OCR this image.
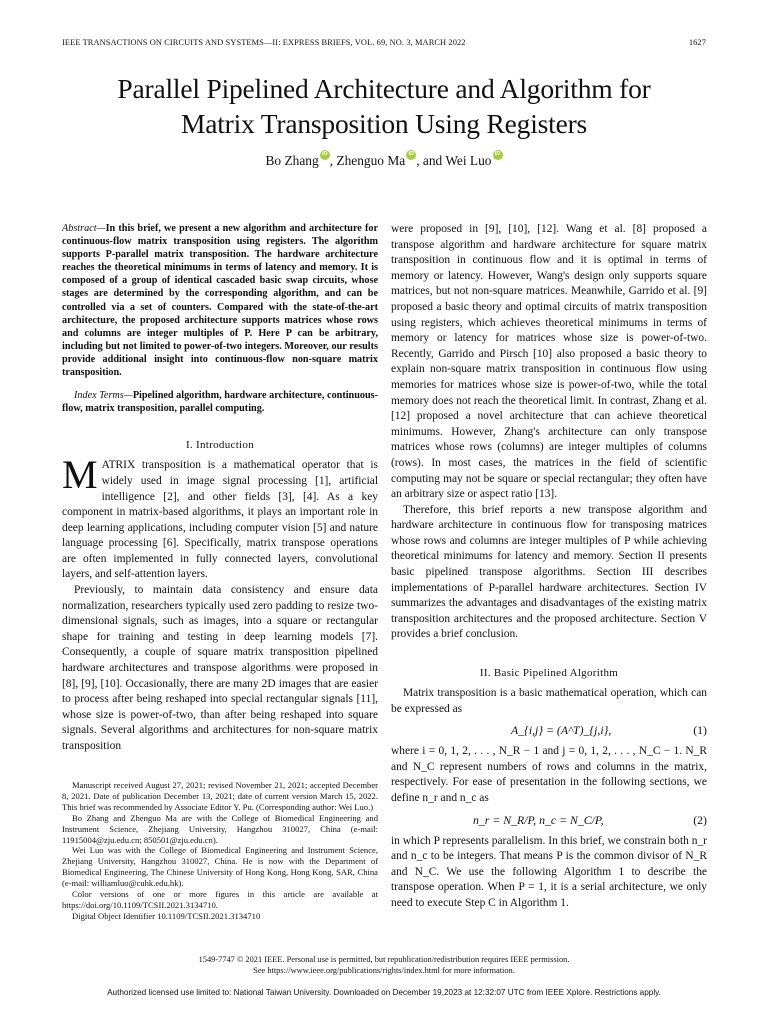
IEEE TRANSACTIONS ON CIRCUITS AND SYSTEMS—II: EXPRESS BRIEFS, VOL. 69, NO. 3, MARCH 2022	1627
Parallel Pipelined Architecture and Algorithm for
Matrix Transposition Using Registers
Bo Zhang iD , Zhenguo Ma iD , and Wei LuoiD

Abstract—In this brief, we present a new algorithm and architecture for continuous-flow matrix transposition using registers. The algorithm supports P-parallel matrix transposition. The hardware architecture reaches the theoretical minimums in terms of latency and memory. It is composed of a group of identical cascaded basic swap circuits, whose stages are determined by the corresponding algorithm, and can be controlled via a set of counters. Compared with the state-of-the-art architecture, the proposed architecture supports matrices whose rows and columns are integer multiples of P. Here P can be arbitrary, including but not limited to power-of-two integers. Moreover, our results provide additional insight into continuous-flow non-square matrix transposition.

Index Terms—Pipelined algorithm, hardware architecture, continuous-flow, matrix transposition, parallel computing.

I. Introduction
M ATRIX transposition is a mathematical operator that is widely used in image signal processing [1], artificial intelligence [2], and other fields [3], [4]. As a key component in matrix-based algorithms, it plays an important role in deep learning applications, including computer vision [5] and nature language processing [6]. Specifically, matrix transpose operations are often implemented in fully connected layers, convolutional layers, and self-attention layers.

Previously, to maintain data consistency and ensure data normalization, researchers typically used zero padding to resize two-dimensional signals, such as images, into a square or rectangular shape for training and testing in deep learning models [7]. Consequently, a couple of square matrix transposition pipelined hardware architectures and transpose algorithms were proposed in [8], [9], [10]. Occasionally, there are many 2D images that are easier to process after being reshaped into special rectangular signals [11], whose size is power-of-two, than after being reshaped into square signals. Several algorithms and architectures for non-square matrix transposition

Manuscript received August 27, 2021; revised November 21, 2021; accepted December 8, 2021. Date of publication December 13, 2021; date of current version March 15, 2022. This brief was recommended by Associate Editor Y. Pu. (Corresponding author: Wei Luo.)

Bo Zhang and Zhenguo Ma are with the College of Biomedical Engineering and Instrument Science, Zhejiang University, Hangzhou 310027, China (e-mail: 11915004@zju.edu.cn; 850501@zju.edu.cn).

Wei Luo was with the College of Biomedical Engineering and Instrument Science, Zhejiang University, Hangzhou 310027, China. He is now with the Department of Biomedical Engineering, The Chinese University of Hong Kong, Hong Kong, SAR, China (e-mail: williamluo@cuhk.edu.hk).

Color versions of one or more figures in this article are available at https://doi.org/10.1109/TCSII.2021.3134710.

Digital Object Identifier 10.1109/TCSII.2021.3134710

were proposed in [9], [10], [12]. Wang et al. [8] proposed a transpose algorithm and hardware architecture for square matrix transposition in continuous flow and it is optimal in terms of memory or latency. However, Wang's design only supports square matrices, but not non-square matrices. Meanwhile, Garrido et al. [9] proposed a basic theory and optimal circuits of matrix transposition using registers, which achieves theoretical minimums in terms of memory or latency for matrices whose size is power-of-two. Recently, Garrido and Pirsch [10] also proposed a basic theory to explain non-square matrix transposition in continuous flow using memories for matrices whose size is power-of-two, while the total memory does not reach the theoretical limit. In contrast, Zhang et al. [12] proposed a novel architecture that can achieve theoretical minimums. However, Zhang's architecture can only transpose matrices whose rows (columns) are integer multiples of columns (rows). In most cases, the matrices in the field of scientific computing may not be square or special rectangular; they often have an arbitrary size or aspect ratio [13].

Therefore, this brief reports a new transpose algorithm and hardware architecture in continuous flow for transposing matrices whose rows and columns are integer multiples of P while achieving theoretical minimums for latency and memory. Section II presents basic pipelined transpose algorithms. Section III describes implementations of P-parallel hardware architectures. Section IV summarizes the advantages and disadvantages of the existing matrix transposition architectures and the proposed architecture. Section V provides a brief conclusion.

II. Basic Pipelined Algorithm

Matrix transposition is a basic mathematical operation, which can be expressed as

A_{i,j} = (A^T)_{j,i},	(1)

where i = 0, 1, 2, . . . , N_R − 1 and j = 0, 1, 2, . . . , N_C − 1. N_R and N_C represent numbers of rows and columns in the matrix, respectively. For ease of presentation in the following sections, we define n_r and n_c as

n_r = N_R/P, n_c = N_C/P,	(2)

in which P represents parallelism. In this brief, we constrain both n_r and n_c to be integers. That means P is the common divisor of N_R and N_C. We use the following Algorithm 1 to describe the transpose operation. When P = 1, it is a serial architecture, we only need to execute Step C in Algorithm 1.

1549-7747 © 2021 IEEE. Personal use is permitted, but republication/redistribution requires IEEE permission.
See https://www.ieee.org/publications/rights/index.html for more information.
Authorized licensed use limited to: National Taiwan University. Downloaded on December 19,2023 at 12:32:07 UTC from IEEE Xplore. Restrictions apply.
